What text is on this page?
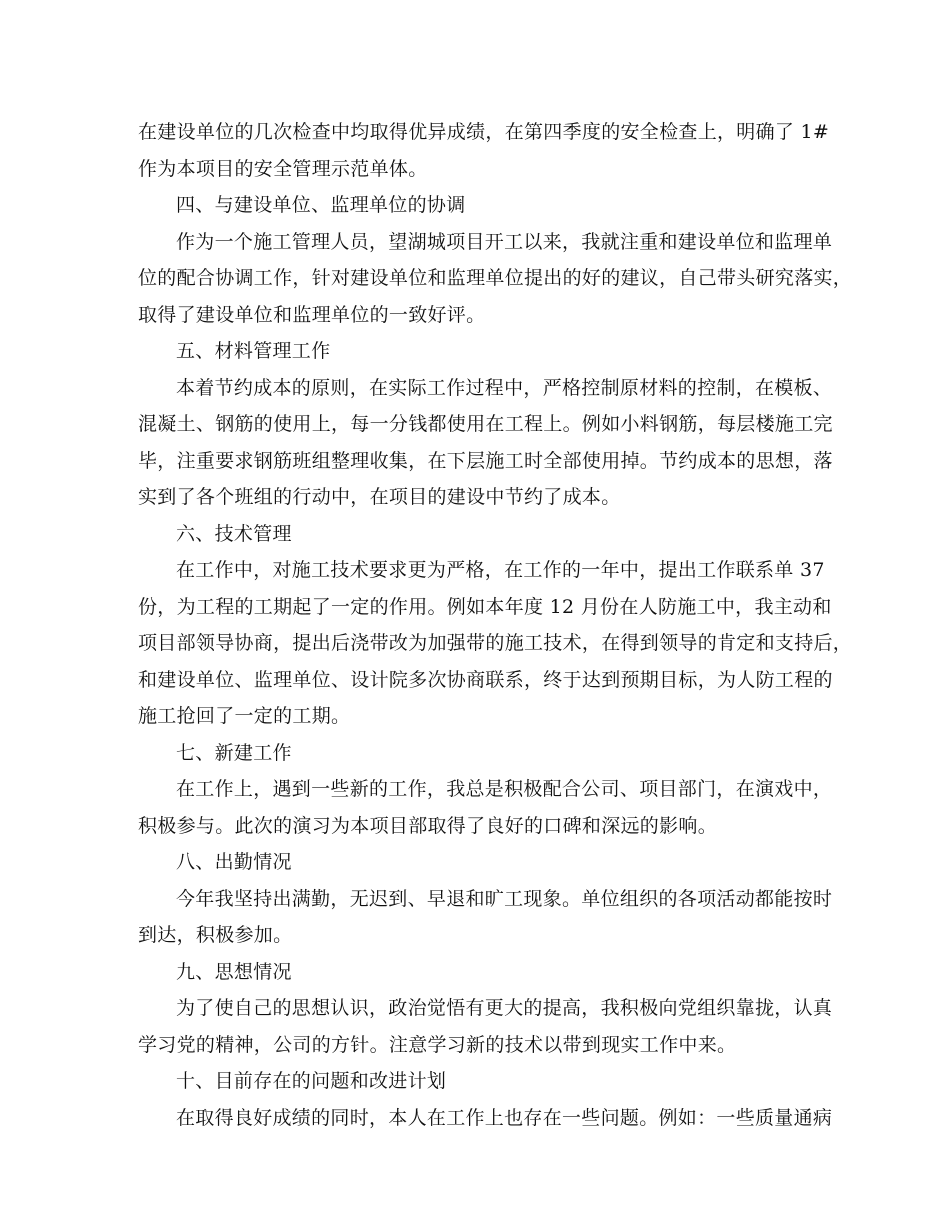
在建设单位的几次检查中均取得优异成绩，在第四季度的安全检查上，明确了 1#
作为本项目的安全管理示范单体。
四、与建设单位、监理单位的协调
作为一个施工管理人员，望湖城项目开工以来，我就注重和建设单位和监理单
位的配合协调工作，针对建设单位和监理单位提出的好的建议，自己带头研究落实，
取得了建设单位和监理单位的一致好评。
五、材料管理工作
本着节约成本的原则，在实际工作过程中，严格控制原材料的控制，在模板、
混凝土、钢筋的使用上，每一分钱都使用在工程上。例如小料钢筋，每层楼施工完
毕，注重要求钢筋班组整理收集，在下层施工时全部使用掉。节约成本的思想，落
实到了各个班组的行动中，在项目的建设中节约了成本。
六、技术管理
在工作中，对施工技术要求更为严格，在工作的一年中，提出工作联系单 37
份，为工程的工期起了一定的作用。例如本年度 12 月份在人防施工中，我主动和
项目部领导协商，提出后浇带改为加强带的施工技术，在得到领导的肯定和支持后，
和建设单位、监理单位、设计院多次协商联系，终于达到预期目标，为人防工程的
施工抢回了一定的工期。
七、新建工作
在工作上，遇到一些新的工作，我总是积极配合公司、项目部门，在演戏中，
积极参与。此次的演习为本项目部取得了良好的口碑和深远的影响。
八、出勤情况
今年我坚持出满勤，无迟到、早退和旷工现象。单位组织的各项活动都能按时
到达，积极参加。
九、思想情况
为了使自己的思想认识，政治觉悟有更大的提高，我积极向党组织靠拢，认真
学习党的精神，公司的方针。注意学习新的技术以带到现实工作中来。
十、目前存在的问题和改进计划
在取得良好成绩的同时，本人在工作上也存在一些问题。例如：一些质量通病
